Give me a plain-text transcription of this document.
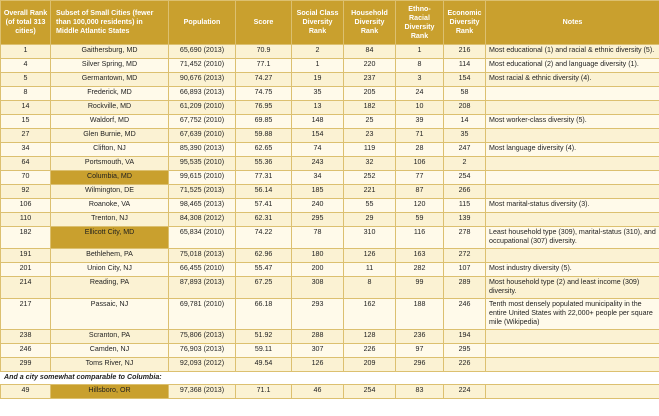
Overall Rank (of total 313 cities)	Subset of Small Cities (fewer than 100,000 residents) in Middle Atlantic States	Population	Score	Social Class Diversity Rank	Household Diversity Rank	Ethno-Racial Diversity Rank	Economic Diversity Rank	Notes
1	Gaithersburg, MD	65,690 (2013)	70.9	2	84	1	216	Most educational (1) and racial & ethnic diversity (5).
4	Silver Spring, MD	71,452 (2010)	77.1	1	220	8	114	Most educational (2) and language diversity (1).
5	Germantown, MD	90,676 (2013)	74.27	19	237	3	154	Most racial & ethnic diversity (4).
8	Frederick, MD	66,893 (2013)	74.75	35	205	24	58	
14	Rockville, MD	61,209 (2010)	76.95	13	182	10	208	
15	Waldorf, MD	67,752 (2010)	69.85	148	25	39	14	Most worker-class diversity (5).
27	Glen Burnie, MD	67,639 (2010)	59.88	154	23	71	35	
34	Clifton, NJ	85,390 (2013)	62.65	74	119	28	247	Most language diversity (4).
64	Portsmouth, VA	95,535 (2010)	55.36	243	32	106	2	
70	Columbia, MD	99,615 (2010)	77.31	34	252	77	254	
92	Wilmington, DE	71,525 (2013)	56.14	185	221	87	266	
106	Roanoke, VA	98,465 (2013)	57.41	240	55	120	115	Most marital-status diversity (3).
110	Trenton, NJ	84,308 (2012)	62.31	295	29	59	139	
182	Ellicott City, MD	65,834 (2010)	74.22	78	310	116	278	Least household type (309), marital-status (310), and occupational (307) diversity.
191	Bethlehem, PA	75,018 (2013)	62.96	180	126	163	272	
201	Union City, NJ	66,455 (2010)	55.47	200	11	282	107	Most industry diversity (5).
214	Reading, PA	87,893 (2013)	67.25	308	8	99	289	Most household type (2) and least income (309) diversity.
217	Passaic, NJ	69,781 (2010)	66.18	293	162	188	246	Tenth most densely populated municipality in the entire United States with 22,000+ people per square mile (Wikipedia)
238	Scranton, PA	75,806 (2013)	51.92	288	128	236	194	
246	Camden, NJ	76,903 (2013)	59.11	307	226	97	295	
299	Toms River, NJ	92,093 (2012)	49.54	126	209	296	226	
And a city somewhat comparable to Columbia:								
49	Hillsboro, OR	97,368 (2013)	71.1	46	254	83	224	
